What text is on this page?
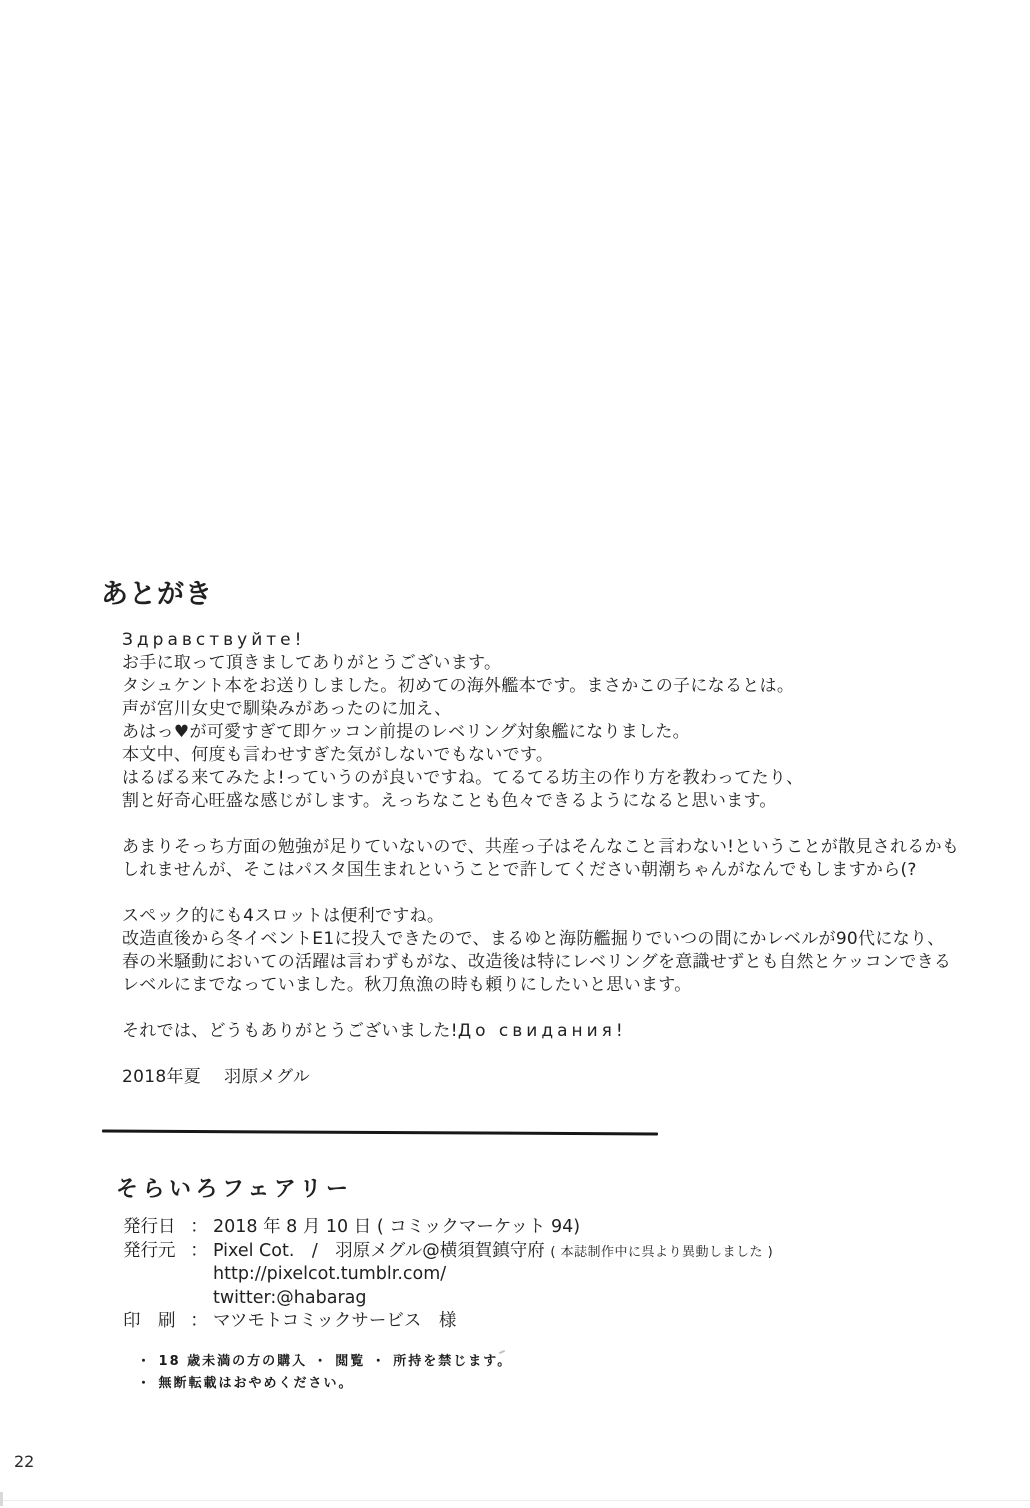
あとがき
Здравствуйте!
お手に取って頂きましてありがとうございます。
タシュケント本をお送りしました。初めての海外艦本です。まさかこの子になるとは。
声が宮川女史で馴染みがあったのに加え、
あはっ♥が可愛すぎて即ケッコン前提のレベリング対象艦になりました。
本文中、何度も言わせすぎた気がしないでもないです。
はるばる来てみたよ!っていうのが良いですね。てるてる坊主の作り方を教わってたり、
割と好奇心旺盛な感じがします。えっちなことも色々できるようになると思います。

あまりそっち方面の勉強が足りていないので、共産っ子はそんなこと言わない!ということが散見されるかも
しれませんが、そこはパスタ国生まれということで許してください朝潮ちゃんがなんでもしますから(?

スペック的にも4スロットは便利ですね。
改造直後から冬イベントE1に投入できたので、まるゆと海防艦掘りでいつの間にかレベルが90代になり、
春の米騒動においての活躍は言わずもがな、改造後は特にレベリングを意識せずとも自然とケッコンできる
レベルにまでなっていました。秋刀魚漁の時も頼りにしたいと思います。

それでは、どうもありがとうございました!До свидания!

2018年夏　 羽原メグル
そらいろフェアリー
発行日 ： 2018 年 8 月 10 日 ( コミックマーケット 94)
発行元 ： Pixel Cot.　/　羽原メグル@横須賀鎮守府 ( 本誌制作中に呉より異動しました )
http://pixelcot.tumblr.com/
twitter:@habarag
印　刷 ： マツモトコミックサービス　様
・ 18 歳未満の方の購入 ・ 閲覧 ・ 所持を禁じます。
・ 無断転載はおやめください。
22
